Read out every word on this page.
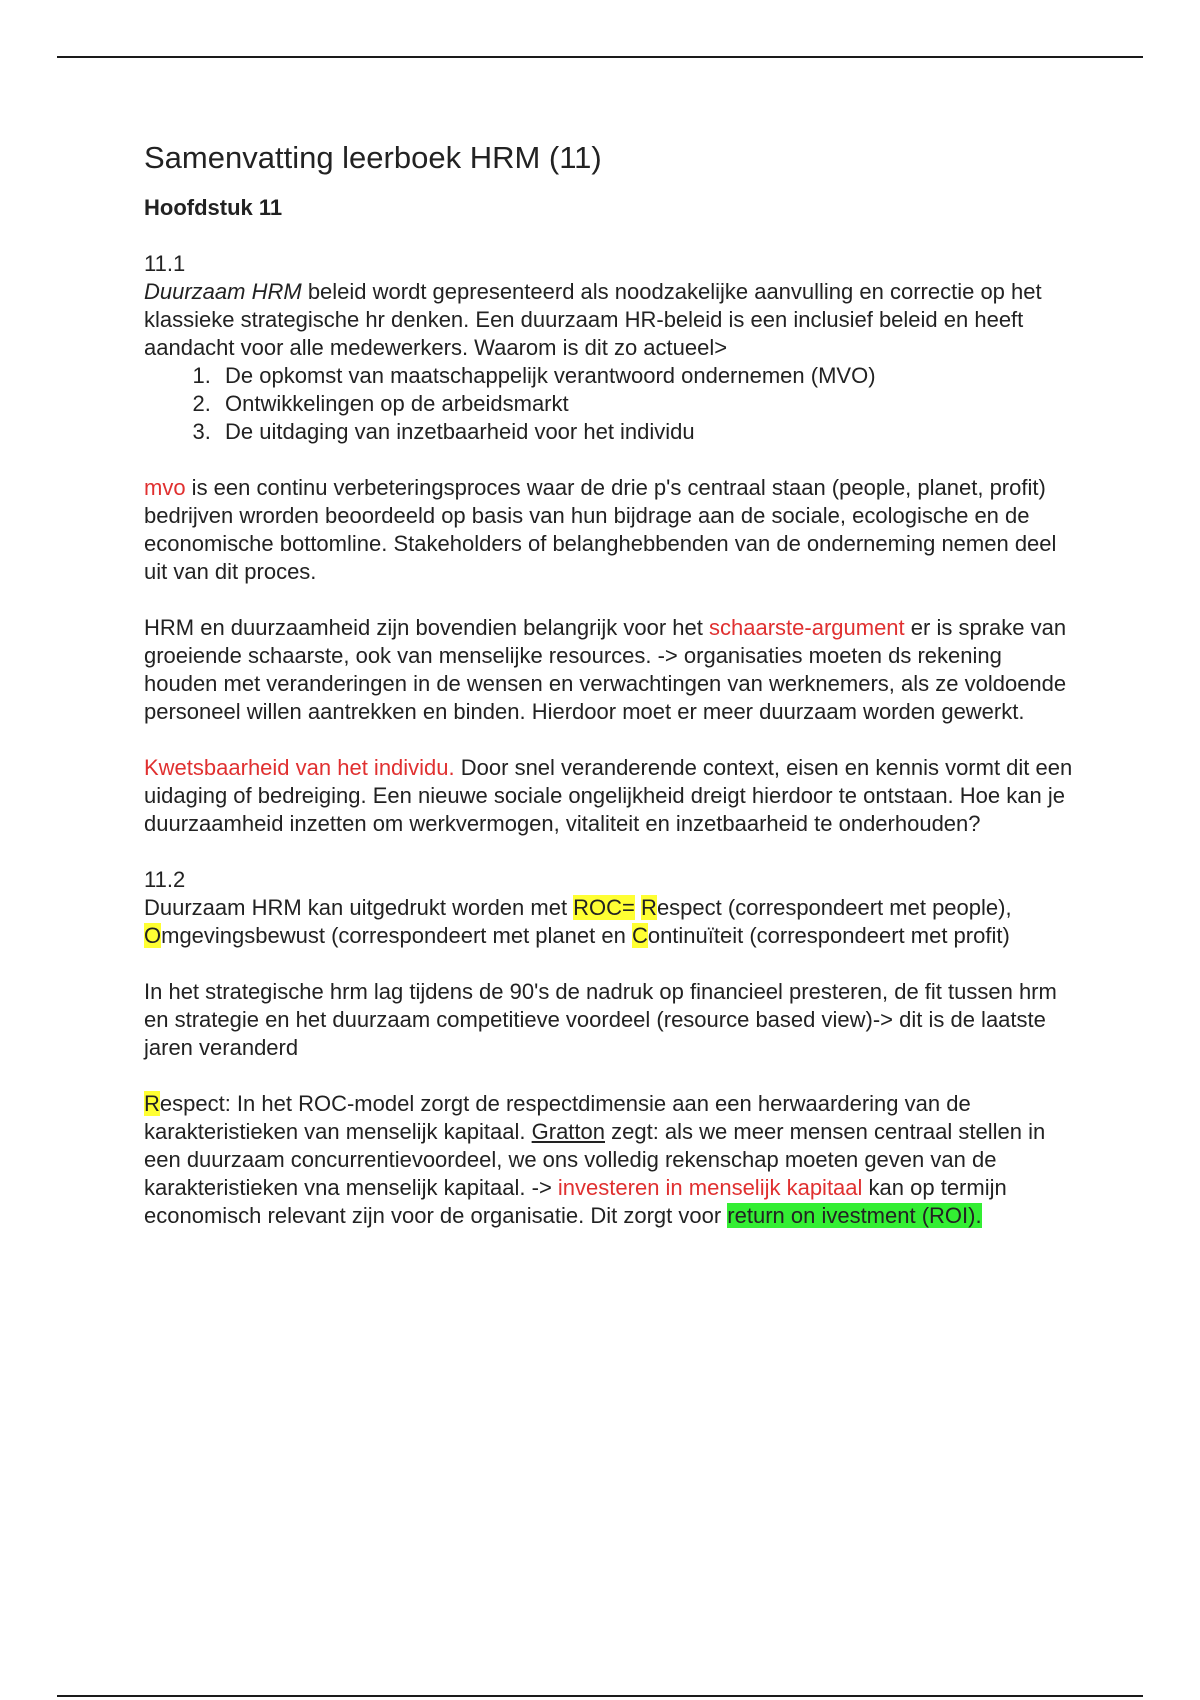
Samenvatting leerboek HRM (11)
Hoofdstuk 11

11.1
Duurzaam HRM beleid wordt gepresenteerd als noodzakelijke aanvulling en correctie op het klassieke strategische hr denken. Een duurzaam HR-beleid is een inclusief beleid en heeft aandacht voor alle medewerkers. Waarom is dit zo actueel>

1. De opkomst van maatschappelijk verantwoord ondernemen (MVO)
2. Ontwikkelingen op de arbeidsmarkt
3. De uitdaging van inzetbaarheid voor het individu

mvo is een continu verbeteringsproces waar de drie p's centraal staan (people, planet, profit) bedrijven wrorden beoordeeld op basis van hun bijdrage aan de sociale, ecologische en de economische bottomline. Stakeholders of belanghebbenden van de onderneming nemen deel uit van dit proces.

HRM en duurzaamheid zijn bovendien belangrijk voor het schaarste-argument er is sprake van groeiende schaarste, ook van menselijke resources. -> organisaties moeten ds rekening houden met veranderingen in de wensen en verwachtingen van werknemers, als ze voldoende personeel willen aantrekken en binden. Hierdoor moet er meer duurzaam worden gewerkt.

Kwetsbaarheid van het individu. Door snel veranderende context, eisen en kennis vormt dit een uidaging of bedreiging. Een nieuwe sociale ongelijkheid dreigt hierdoor te ontstaan. Hoe kan je duurzaamheid inzetten om werkvermogen, vitaliteit en inzetbaarheid te onderhouden?

11.2
Duurzaam HRM kan uitgedrukt worden met ROC= Respect (correspondeert met people), Omgevingsbewust (correspondeert met planet en Continuïteit (correspondeert met profit)

In het strategische hrm lag tijdens de 90's de nadruk op financieel presteren, de fit tussen hrm en strategie en het duurzaam competitieve voordeel (resource based view)-> dit is de laatste jaren veranderd

Respect: In het ROC-model zorgt de respectdimensie aan een herwaardering van de karakteristieken van menselijk kapitaal. Gratton zegt: als we meer mensen centraal stellen in een duurzaam concurrentievoordeel, we ons volledig rekenschap moeten geven van de karakteristieken vna menselijk kapitaal. -> investeren in menselijk kapitaal kan op termijn economisch relevant zijn voor de organisatie. Dit zorgt voor return on ivestment (ROI).
